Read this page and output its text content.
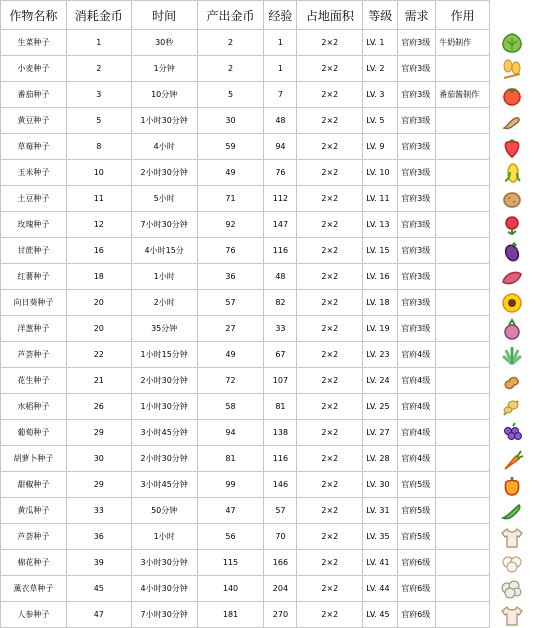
作物名称	消耗金币	时间	产出金币	经验	占地面积	等级	需求	作用	
生菜种子	1	30秒	2	1	2×2	LV. 1	官府3级	牛奶制作	
小麦种子	2	1分钟	2	1	2×2	LV. 2	官府3级		
番茄种子	3	10分钟	5	7	2×2	LV. 3	官府3级	番茄酱制作	
黄豆种子	5	1小时30分钟	30	48	2×2	LV. 5	官府3级		
草莓种子	8	4小时	59	94	2×2	LV. 9	官府3级		
玉米种子	10	2小时30分钟	49	76	2×2	LV. 10	官府3级		
土豆种子	11	5小时	71	112	2×2	LV. 11	官府3级		
玫瑰种子	12	7小时30分钟	92	147	2×2	LV. 13	官府3级		
甘蔗种子	16	4小时15分	76	116	2×2	LV. 15	官府3级		
红薯种子	18	1小时	36	48	2×2	LV. 16	官府3级		
向日葵种子	20	2小时	57	82	2×2	LV. 18	官府3级		
洋葱种子	20	35分钟	27	33	2×2	LV. 19	官府3级		
芦荟种子	22	1小时15分钟	49	67	2×2	LV. 23	官府4级		
花生种子	21	2小时30分钟	72	107	2×2	LV. 24	官府4级		
水稻种子	26	1小时30分钟	58	81	2×2	LV. 25	官府4级		
葡萄种子	29	3小时45分钟	94	138	2×2	LV. 27	官府4级		
胡萝卜种子	30	2小时30分钟	81	116	2×2	LV. 28	官府4级		
甜椒种子	29	3小时45分钟	99	146	2×2	LV. 30	官府5级		
黄瓜种子	33	50分钟	47	57	2×2	LV. 31	官府5级		
芦荟种子	36	1小时	56	70	2×2	LV. 35	官府5级		
棉花种子	39	3小时30分钟	115	166	2×2	LV. 41	官府6级		
薰衣草种子	45	4小时30分钟	140	204	2×2	LV. 44	官府6级		
人参种子	47	7小时30分钟	181	270	2×2	LV. 45	官府6级		
